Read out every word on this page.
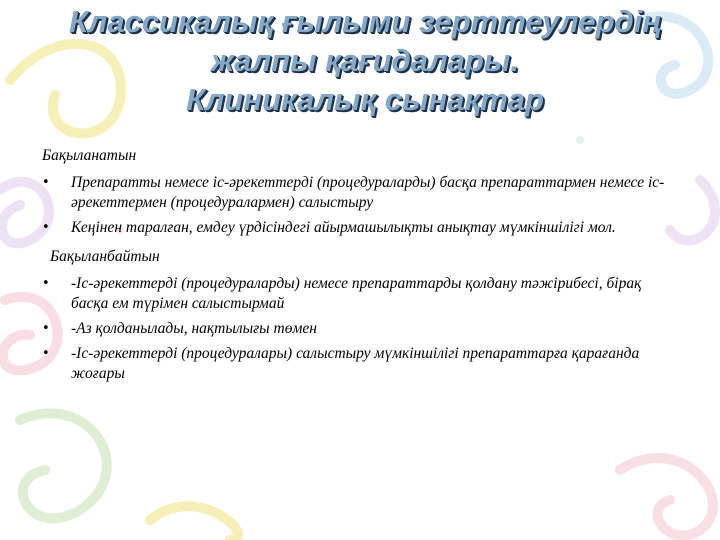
Классикалық ғылыми зерттеулердің
жалпы қағидалары.
Клиникалық сынақтар
Бақыланатын
• Препаратты немесе іс-әрекеттерді (процедураларды) басқа препараттармен немесе іс-әрекеттермен (процедуралармен) салыстыру
• Кеңінен таралған, емдеу үрдісіндегі айырмашылықты анықтау мүмкіншілігі мол.
Бақыланбайтын
• -Іс-әрекеттерді (процедураларды) немесе препараттарды қолдану тәжірибесі, бірақ басқа ем түрімен салыстырмай
• -Аз қолданылады, нақтылығы төмен
• -Іс-әрекеттерді (процедуралары) салыстыру мүмкіншілігі препараттарға қарағанда жоғары
